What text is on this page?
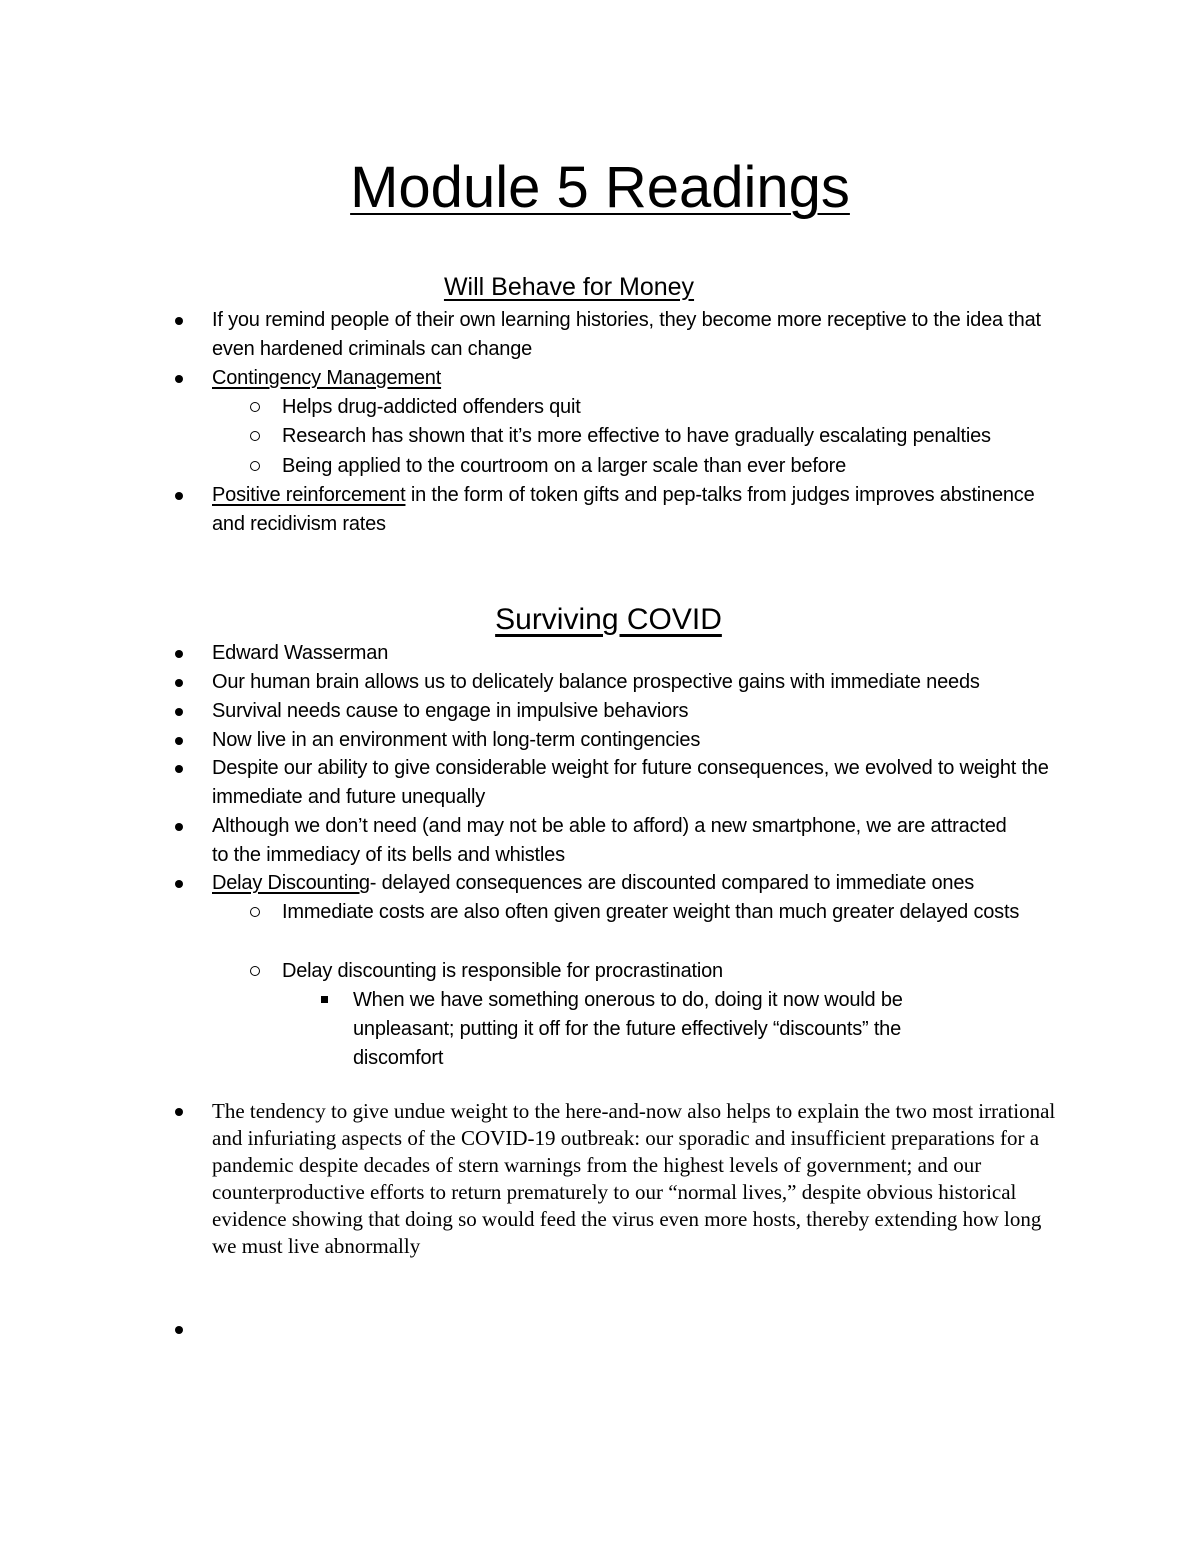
Module 5 Readings
Will Behave for Money
If you remind people of their own learning histories, they become more receptive to the idea that even hardened criminals can change
Contingency Management
Helps drug-addicted offenders quit
Research has shown that it’s more effective to have gradually escalating penalties
Being applied to the courtroom on a larger scale than ever before
Positive reinforcement in the form of token gifts and pep-talks from judges improves abstinence and recidivism rates
Surviving COVID
Edward Wasserman
Our human brain allows us to delicately balance prospective gains with immediate needs
Survival needs cause to engage in impulsive behaviors
Now live in an environment with long-term contingencies
Despite our ability to give considerable weight for future consequences, we evolved to weight the immediate and future unequally
Although we don’t need (and may not be able to afford) a new smartphone, we are attracted to the immediacy of its bells and whistles
Delay Discounting- delayed consequences are discounted compared to immediate ones
Immediate costs are also often given greater weight than much greater delayed costs
Delay discounting is responsible for procrastination
When we have something onerous to do, doing it now would be unpleasant; putting it off for the future effectively “discounts” the discomfort
The tendency to give undue weight to the here-and-now also helps to explain the two most irrational and infuriating aspects of the COVID-19 outbreak: our sporadic and insufficient preparations for a pandemic despite decades of stern warnings from the highest levels of government; and our counterproductive efforts to return prematurely to our “normal lives,” despite obvious historical evidence showing that doing so would feed the virus even more hosts, thereby extending how long we must live abnormally
